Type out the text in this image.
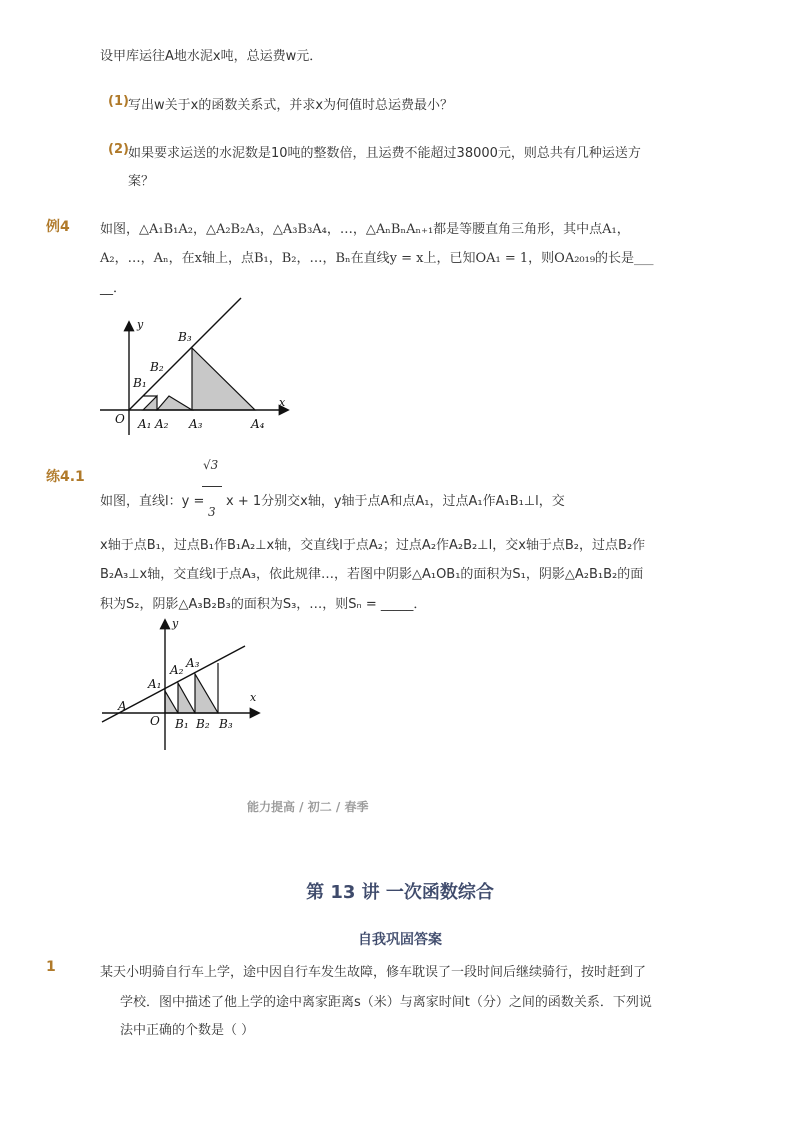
设甲库运往A地水泥x吨，总运费w元．
(1) 写出w关于x的函数关系式，并求x为何值时总运费最小？
(2) 如果要求运送的水泥数是10吨的整数倍，且运费不能超过38000元，则总共有几种运送方
案？
例4 如图，△A₁B₁A₂，△A₂B₂A₃，△A₃B₃A₄，…，△AₙBₙAₙ₊₁都是等腰直角三角形，其中点A₁，
A₂，…，Aₙ，在x轴上，点B₁，B₂，…，Bₙ在直线y = x上，已知OA₁ = 1，则OA₂₀₁₉的长是___
__．
y
x
O
B₁
B₂
B₃
A₁ A₂ A₃	A₄
练4.1
如图，直线l：y =
√3
3
x + 1分别交x轴，y轴于点A和点A₁，过点A₁作A₁B₁⊥l，交
x轴于点B₁，过点B₁作B₁A₂⊥x轴，交直线l于点A₂；过点A₂作A₂B₂⊥l，交x轴于点B₂，过点B₂作
B₂A₃⊥x轴，交直线l于点A₃，依此规律…，若图中阴影△A₁OB₁的面积为S₁，阴影△A₂B₁B₂的面
积为S₂，阴影△A₃B₂B₃的面积为S₃，…，则Sₙ = _____．
y
x
O
A
A₁
A₂ A₃
B₁ B₂ B₃
能力提高 / 初二 / 春季
第 13 讲 一次函数综合
自我巩固答案
1	某天小明骑自行车上学，途中因自行车发生故障，修车耽误了一段时间后继续骑行，按时赶到了
学校．图中描述了他上学的途中离家距离s（米）与离家时间t（分）之间的函数关系．下列说
法中正确的个数是（ ）
